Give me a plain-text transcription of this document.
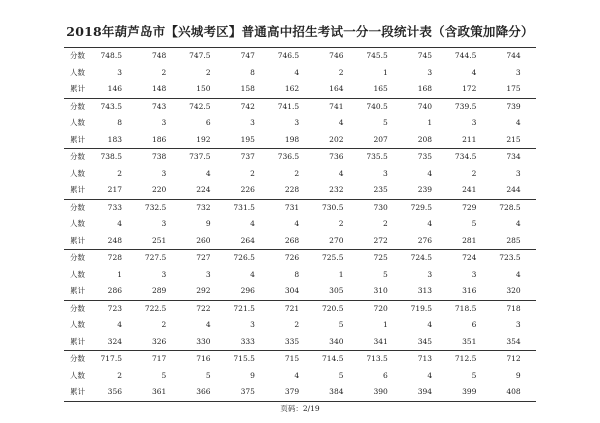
2018年葫芦岛市【兴城考区】普通高中招生考试一分一段统计表（含政策加降分）
分数	748.5	748	747.5	747	746.5	746	745.5	745	744.5	744
人数	3	2	2	8	4	2	1	3	4	3
累计	146	148	150	158	162	164	165	168	172	175
分数	743.5	743	742.5	742	741.5	741	740.5	740	739.5	739
人数	8	3	6	3	3	4	5	1	3	4
累计	183	186	192	195	198	202	207	208	211	215
分数	738.5	738	737.5	737	736.5	736	735.5	735	734.5	734
人数	2	3	4	2	2	4	3	4	2	3
累计	217	220	224	226	228	232	235	239	241	244
分数	733	732.5	732	731.5	731	730.5	730	729.5	729	728.5
人数	4	3	9	4	4	2	2	4	5	4
累计	248	251	260	264	268	270	272	276	281	285
分数	728	727.5	727	726.5	726	725.5	725	724.5	724	723.5
人数	1	3	3	4	8	1	5	3	3	4
累计	286	289	292	296	304	305	310	313	316	320
分数	723	722.5	722	721.5	721	720.5	720	719.5	718.5	718
人数	4	2	4	3	2	5	1	4	6	3
累计	324	326	330	333	335	340	341	345	351	354
分数	717.5	717	716	715.5	715	714.5	713.5	713	712.5	712
人数	2	5	5	9	4	5	6	4	5	9
累计	356	361	366	375	379	384	390	394	399	408
页码：2/19
